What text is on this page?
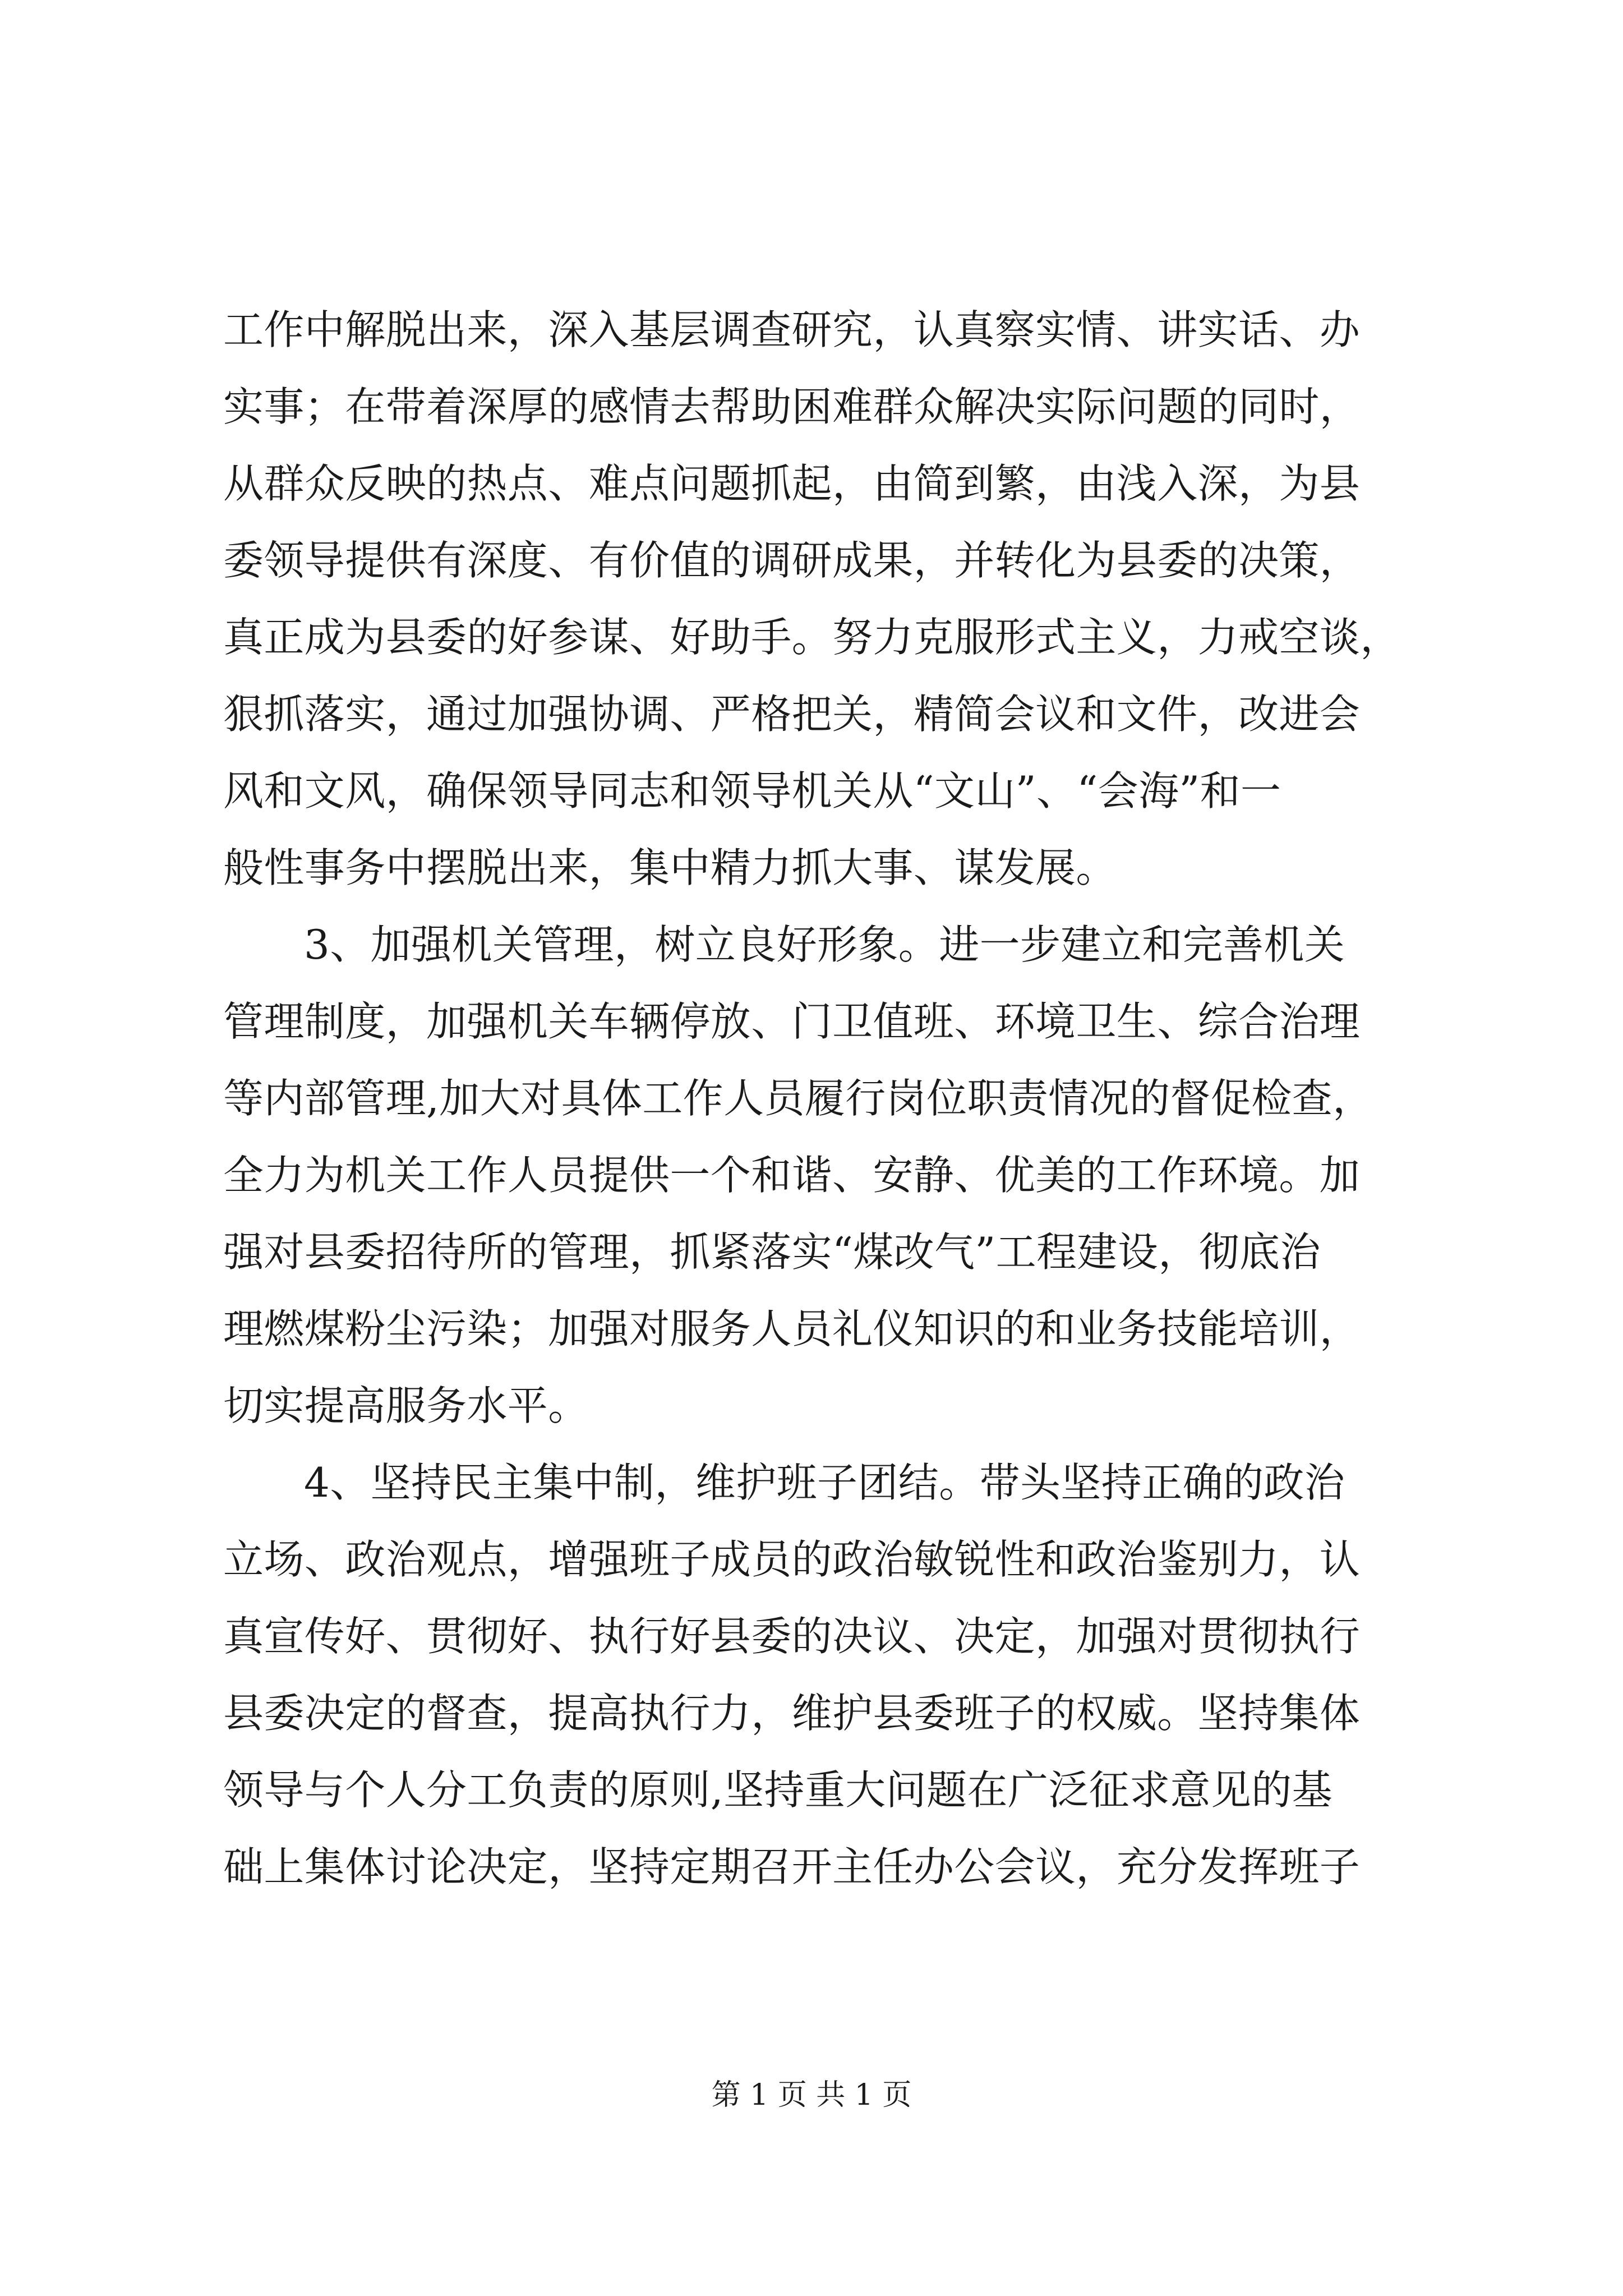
工作中解脱出来，深入基层调查研究，认真察实情、讲实话、办
实事；在带着深厚的感情去帮助困难群众解决实际问题的同时，
从群众反映的热点、难点问题抓起，由简到繁，由浅入深，为县
委领导提供有深度、有价值的调研成果，并转化为县委的决策，
真正成为县委的好参谋、好助手。努力克服形式主义，力戒空谈，
狠抓落实，通过加强协调、严格把关，精简会议和文件，改进会
风和文风，确保领导同志和领导机关从“文山”、“会海”和一
般性事务中摆脱出来，集中精力抓大事、谋发展。
3、加强机关管理，树立良好形象。进一步建立和完善机关
管理制度，加强机关车辆停放、门卫值班、环境卫生、综合治理
等内部管理,加大对具体工作人员履行岗位职责情况的督促检查，
全力为机关工作人员提供一个和谐、安静、优美的工作环境。加
强对县委招待所的管理，抓紧落实“煤改气”工程建设，彻底治
理燃煤粉尘污染；加强对服务人员礼仪知识的和业务技能培训，
切实提高服务水平。
4、坚持民主集中制，维护班子团结。带头坚持正确的政治
立场、政治观点，增强班子成员的政治敏锐性和政治鉴别力，认
真宣传好、贯彻好、执行好县委的决议、决定，加强对贯彻执行
县委决定的督查，提高执行力，维护县委班子的权威。坚持集体
领导与个人分工负责的原则,坚持重大问题在广泛征求意见的基
础上集体讨论决定，坚持定期召开主任办公会议，充分发挥班子
第 1 页 共 1 页
